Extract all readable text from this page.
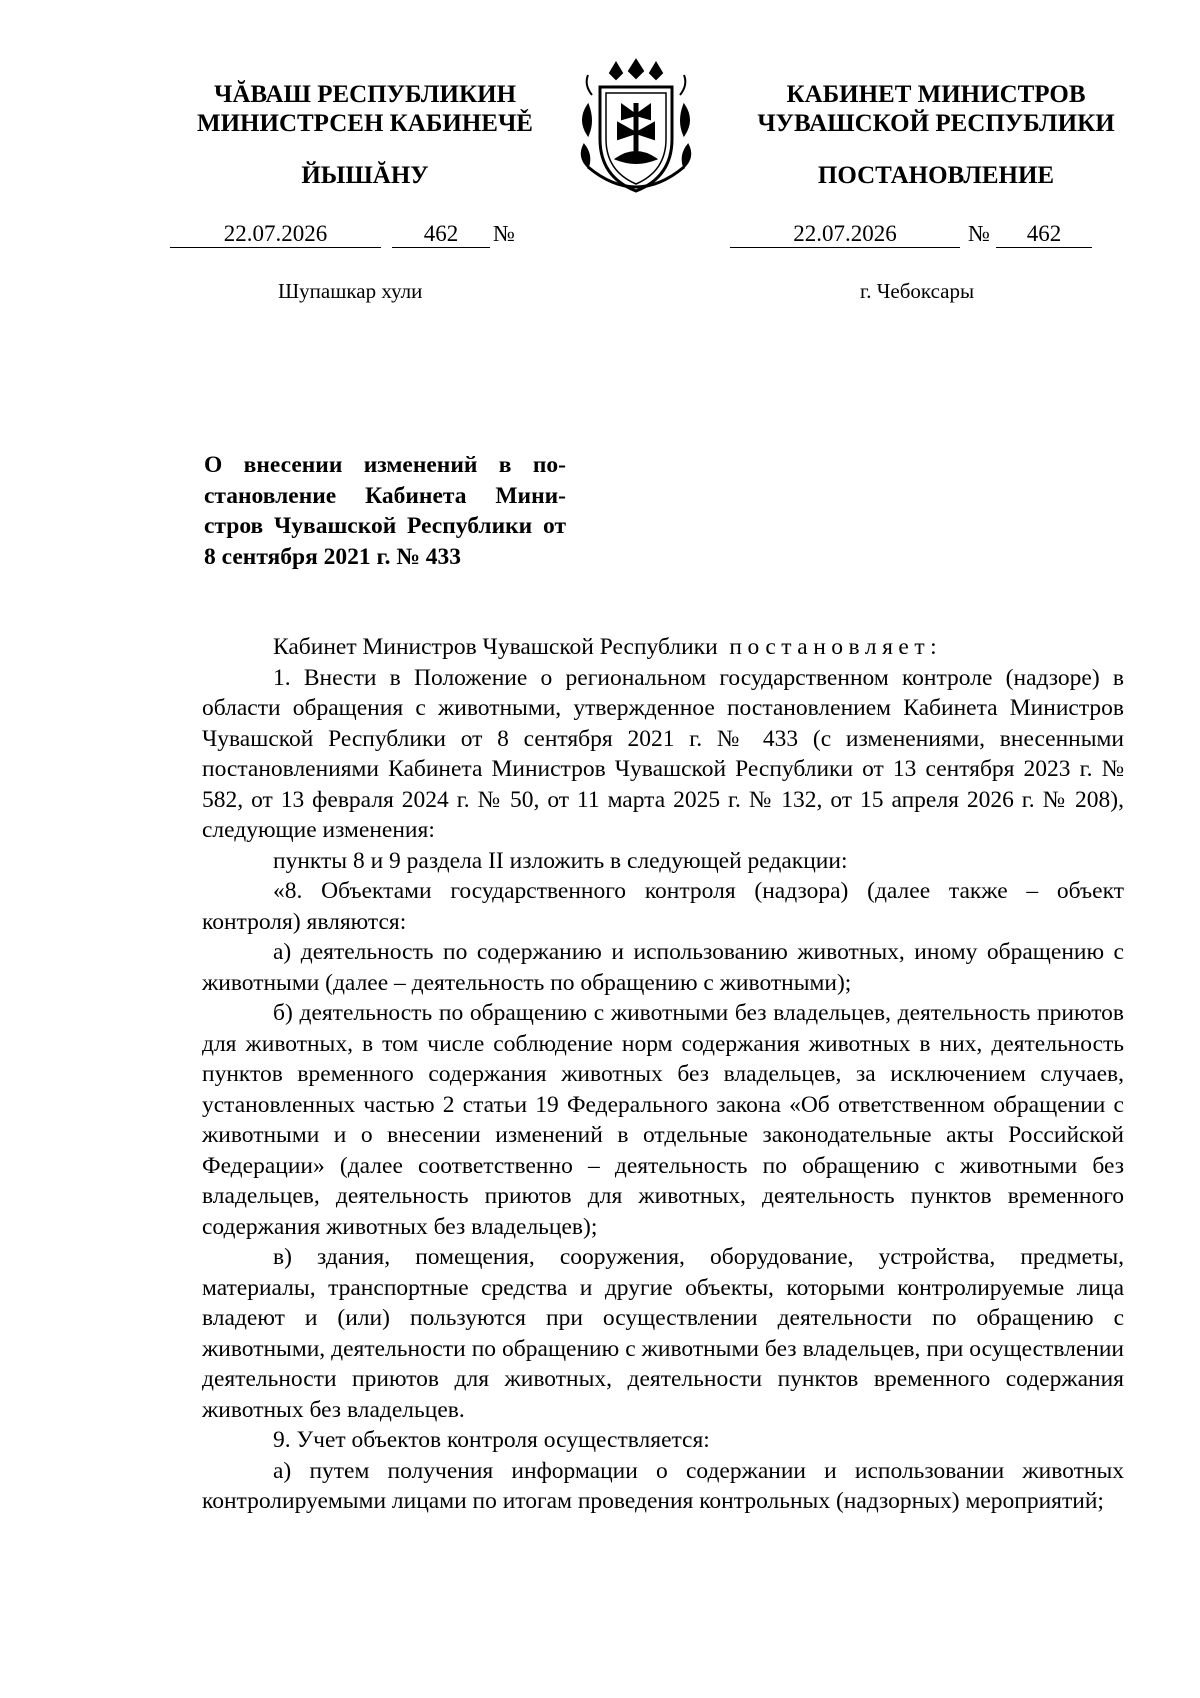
ЧĂВАШ РЕСПУБЛИКИН
МИНИСТРСЕН КАБИНЕЧĚ
ЙЫШĂНУ
КАБИНЕТ МИНИСТРОВ
ЧУВАШСКОЙ РЕСПУБЛИКИ
ПОСТАНОВЛЕНИЕ
22.07.2026	462	№	22.07.2026	№	462
Шупашкар хули	г. Чебоксары
О внесении изменений в постановление Кабинета Министров Чувашской Республики от 8 сентября 2021 г. № 433

Кабинет Министров Чувашской Республики постановляет:

1. Внести в Положение о региональном государственном контроле (надзоре) в области обращения с животными, утвержденное постановлением Кабинета Министров Чувашской Республики от 8 сентября 2021 г. № 433 (с изменениями, внесенными постановлениями Кабинета Министров Чувашской Республики от 13 сентября 2023 г. № 582, от 13 февраля 2024 г. № 50, от 11 марта 2025 г. № 132, от 15 апреля 2026 г. № 208), следующие изменения:

пункты 8 и 9 раздела II изложить в следующей редакции:

«8. Объектами государственного контроля (надзора) (далее также – объект контроля) являются:

а) деятельность по содержанию и использованию животных, иному обращению с животными (далее – деятельность по обращению с животными);

б) деятельность по обращению с животными без владельцев, деятельность приютов для животных, в том числе соблюдение норм содержания животных в них, деятельность пунктов временного содержания животных без владельцев, за исключением случаев, установленных частью 2 статьи 19 Федерального закона «Об ответственном обращении с животными и о внесении изменений в отдельные законодательные акты Российской Федерации» (далее соответственно – деятельность по обращению с животными без владельцев, деятельность приютов для животных, деятельность пунктов временного содержания животных без владельцев);

в) здания, помещения, сооружения, оборудование, устройства, предметы, материалы, транспортные средства и другие объекты, которыми контролируемые лица владеют и (или) пользуются при осуществлении деятельности по обращению с животными, деятельности по обращению с животными без владельцев, при осуществлении деятельности приютов для животных, деятельности пунктов временного содержания животных без владельцев.

9. Учет объектов контроля осуществляется:

а) путем получения информации о содержании и использовании животных контролируемыми лицами по итогам проведения контрольных (надзорных) мероприятий;
